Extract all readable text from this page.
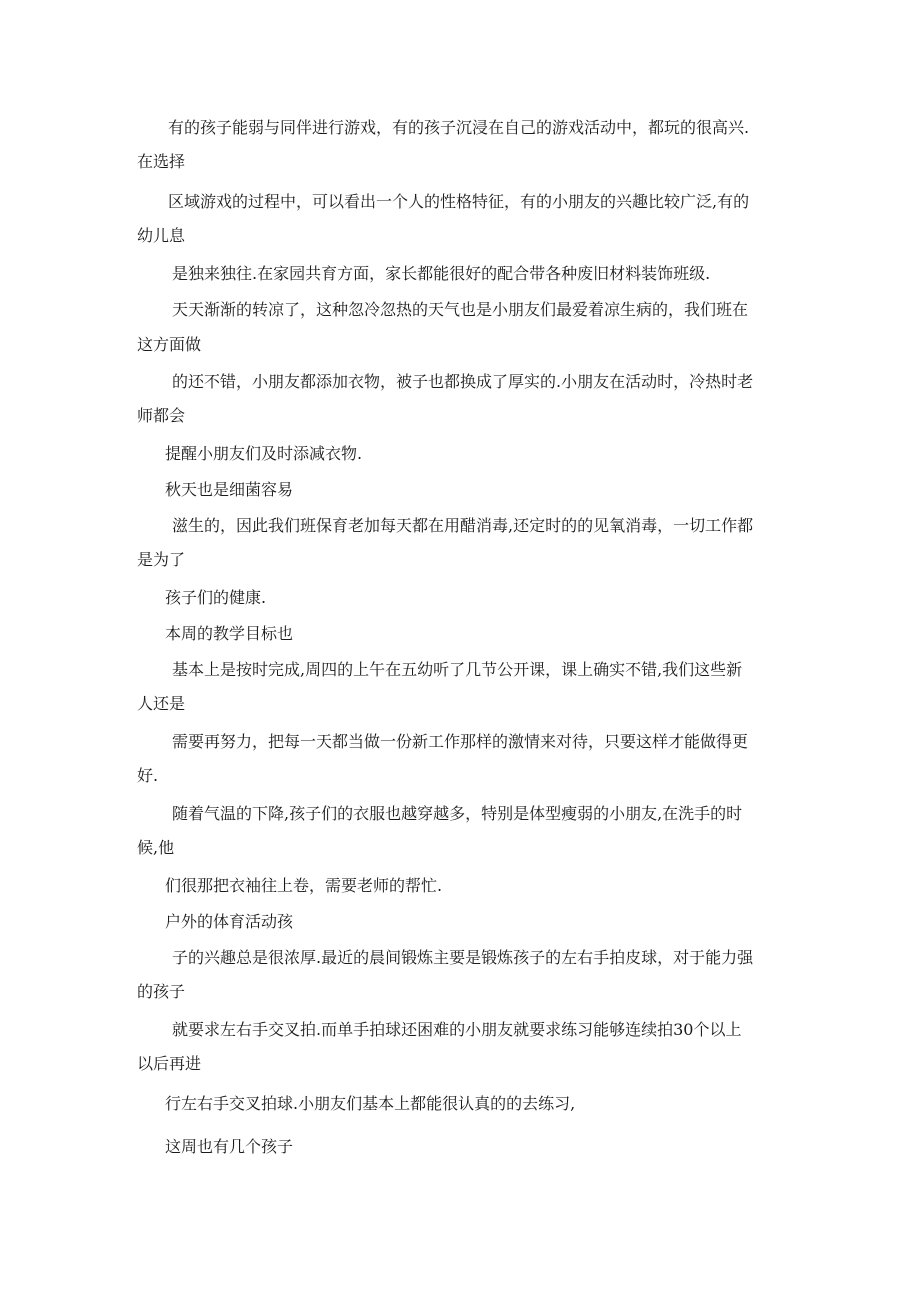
有的孩子能弱与同伴进行游戏，有的孩子沉浸在自己的游戏活动中，都玩的很高兴.
在选择
区域游戏的过程中，可以看出一个人的性格特征，有的小朋友的兴趣比较广泛,有的
幼儿息
是独来独往.在家园共育方面，家长都能很好的配合带各种废旧材料装饰班级.
天天渐渐的转凉了，这种忽冷忽热的天气也是小朋友们最爱着凉生病的，我们班在
这方面做
的还不错，小朋友都添加衣物，被子也都换成了厚实的.小朋友在活动时，冷热时老
师都会
提醒小朋友们及时添减衣物.
秋天也是细菌容易
滋生的，因此我们班保育老加每天都在用醋消毒,还定时的的见氧消毒，一切工作都
是为了
孩子们的健康.
本周的教学目标也
基本上是按时完成,周四的上午在五幼听了几节公开课，课上确实不错,我们这些新
人还是
需要再努力，把每一天都当做一份新工作那样的激情来对待，只要这样才能做得更
好.
随着气温的下降,孩子们的衣服也越穿越多，特别是体型瘦弱的小朋友,在洗手的时
候,他
们很那把衣袖往上卷，需要老师的帮忙.
户外的体育活动孩
子的兴趣总是很浓厚.最近的晨间锻炼主要是锻炼孩子的左右手拍皮球，对于能力强
的孩子
就要求左右手交叉拍.而单手拍球还困难的小朋友就要求练习能够连续拍30个以上
以后再进
行左右手交叉拍球.小朋友们基本上都能很认真的的去练习,
这周也有几个孩子
